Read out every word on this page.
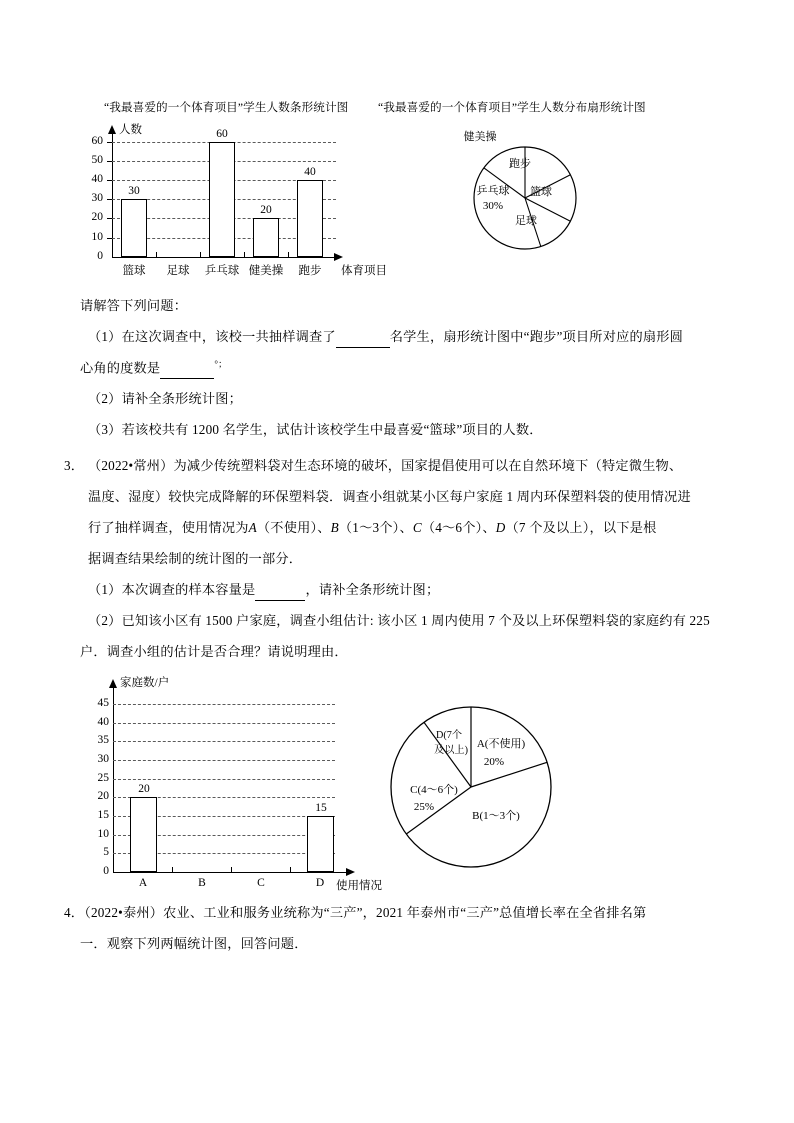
“我最喜爱的一个体育项目”学生人数条形统计图	“我最喜爱的一个体育项目”学生人数分布扇形统计图
人数
体育项目
60
50
40
30
20
10
0
30
60
20
40
篮球	足球	乒乓球 健美操	跑步
跑步
篮球
足球
乒乓球
30%
健美操
请解答下列问题：
（1）在这次调查中，该校一共抽样调查了	名学生，扇形统计图中“跑步”项目所对应的扇形圆
心角的度数是	°；
（2）请补全条形统计图；
（3）若该校共有 1200 名学生，试估计该校学生中最喜爱“篮球”项目的人数．
3． （2022•常州）为减少传统塑料袋对生态环境的破坏，国家提倡使用可以在自然环境下（特定微生物、
温度、湿度）较快完成降解的环保塑料袋．调查小组就某小区每户家庭 1 周内环保塑料袋的使用情况进
行了抽样调查，使用情况为A（不使用）、B（1～3个）、C（4～6个）、D（7 个及以上），以下是根
据调查结果绘制的统计图的一部分．
（1）本次调查的样本容量是	，请补全条形统计图；
（2）已知该小区有 1500 户家庭，调查小组估计: 该小区 1 周内使用 7 个及以上环保塑料袋的家庭约有 225
户．调查小组的估计是否合理？请说明理由．
家庭数/户
使用情况
45
40
35
30
25
20
15
10
5
0
20
15
A	B	C	D
A(不使用)
20%
B(1～3个)
C(4～6个)
25%
D(7个
及以上)
4．（2022•泰州）农业、工业和服务业统称为“三产”，2021 年泰州市“三产”总值增长率在全省排名第
一．观察下列两幅统计图，回答问题．
